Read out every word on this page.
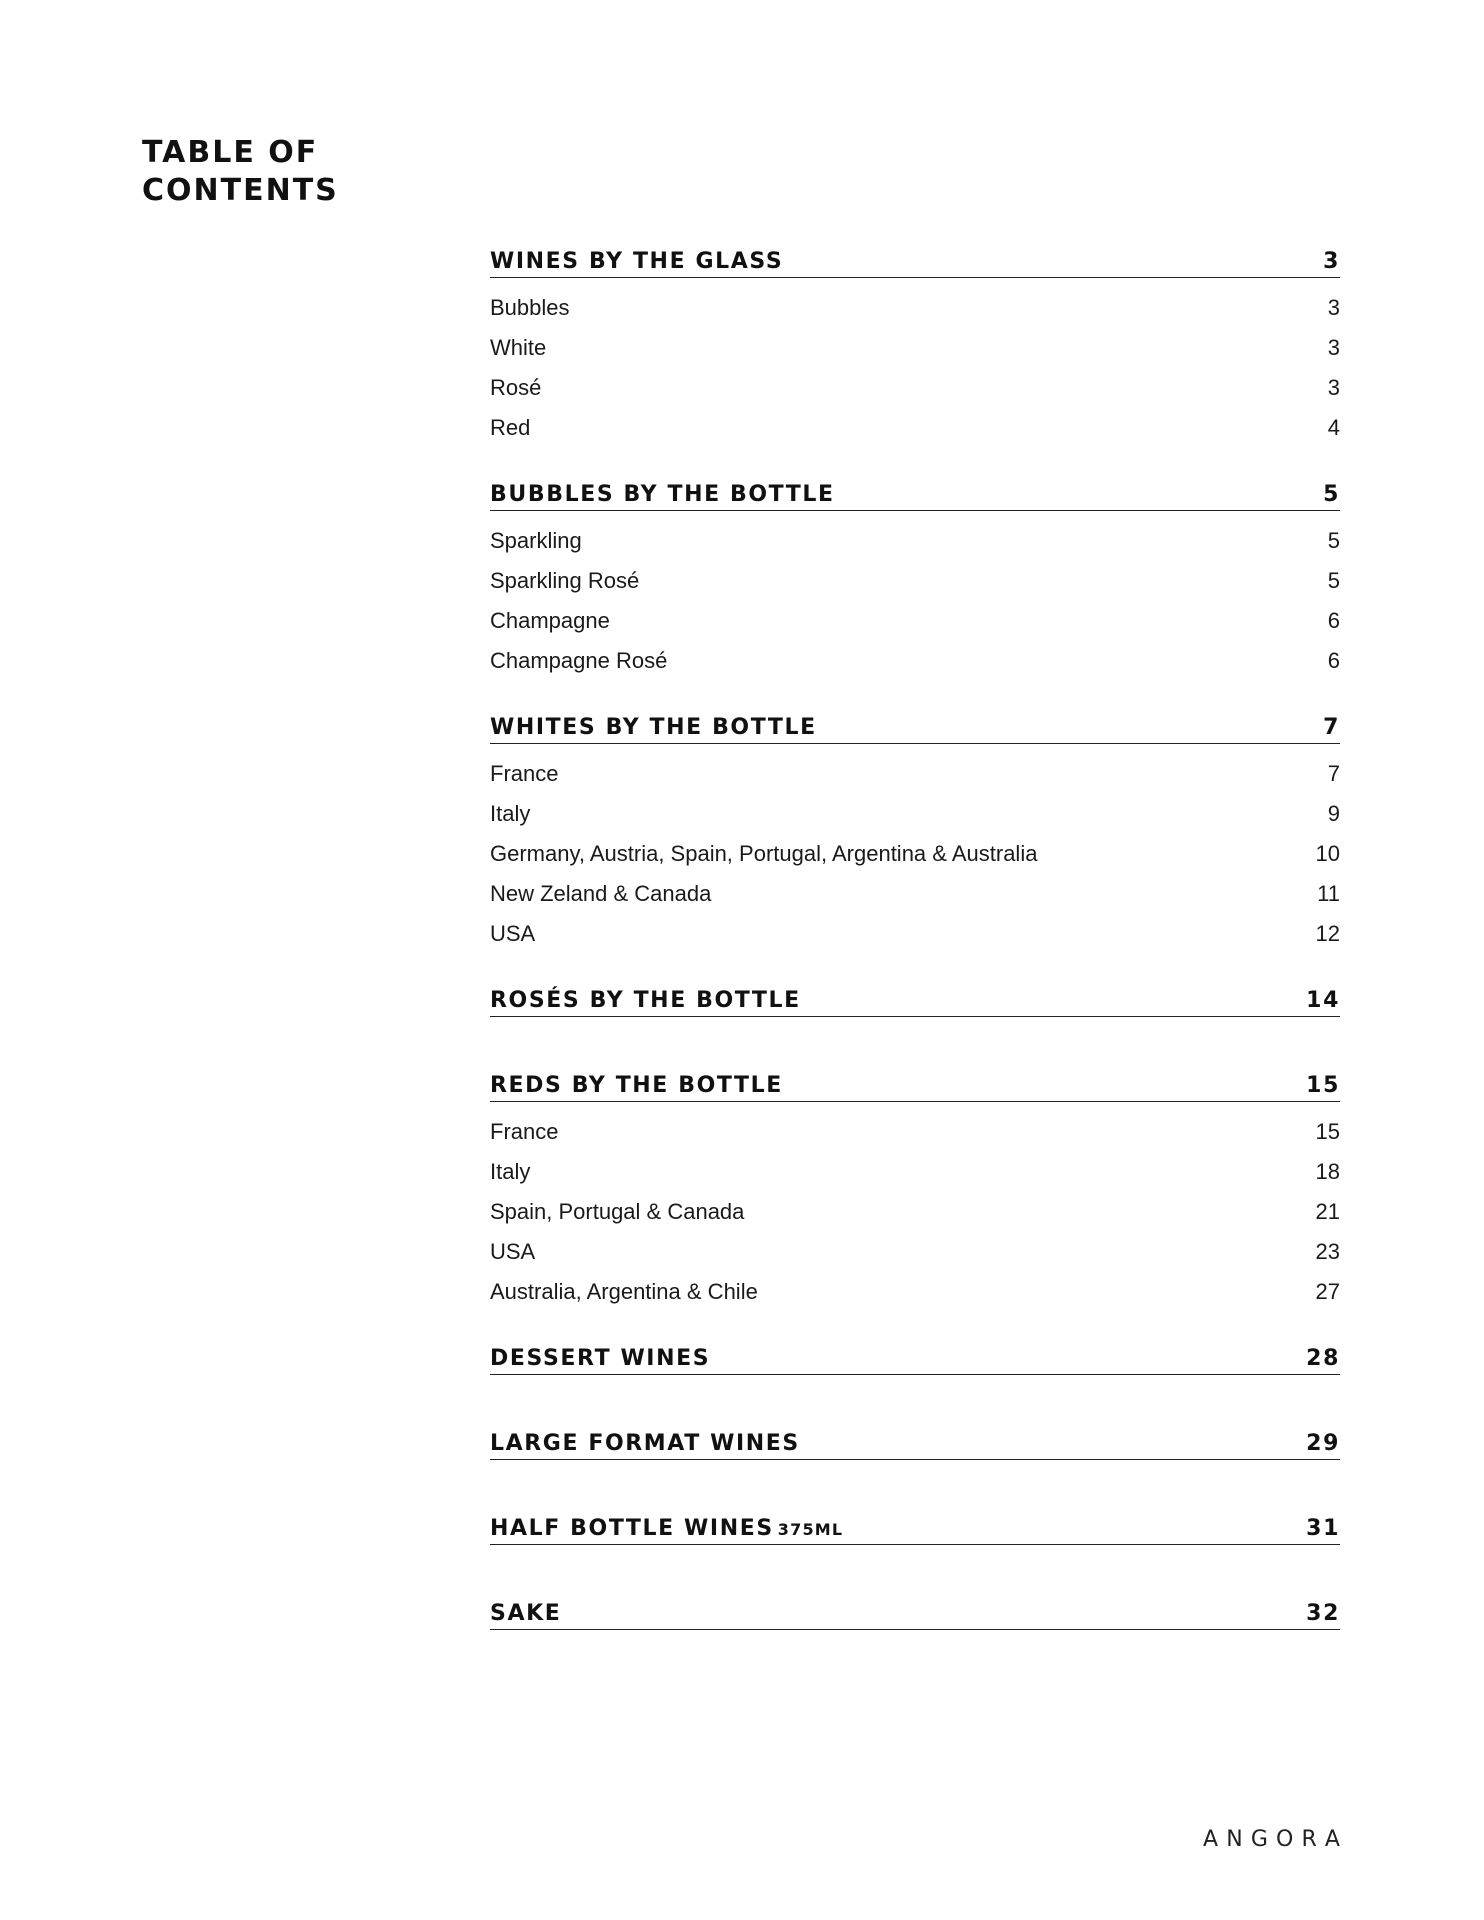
TABLE OF
CONTENTS
WINES BY THE GLASS	3
Bubbles	3
White	3
Rosé	3
Red	4
BUBBLES BY THE BOTTLE	5
Sparkling	5
Sparkling Rosé	5
Champagne	6
Champagne Rosé	6
WHITES BY THE BOTTLE	7
France	7
Italy	9
Germany, Austria, Spain, Portugal, Argentina & Australia	10
New Zeland & Canada	11
USA	12
ROSÉS BY THE BOTTLE	14
REDS BY THE BOTTLE	15
France	15
Italy	18
Spain, Portugal & Canada	21
USA	23
Australia, Argentina & Chile	27
DESSERT WINES	28
LARGE FORMAT WINES	29
HALF BOTTLE WINES 375ML	31
SAKE	32
A N G O R A
